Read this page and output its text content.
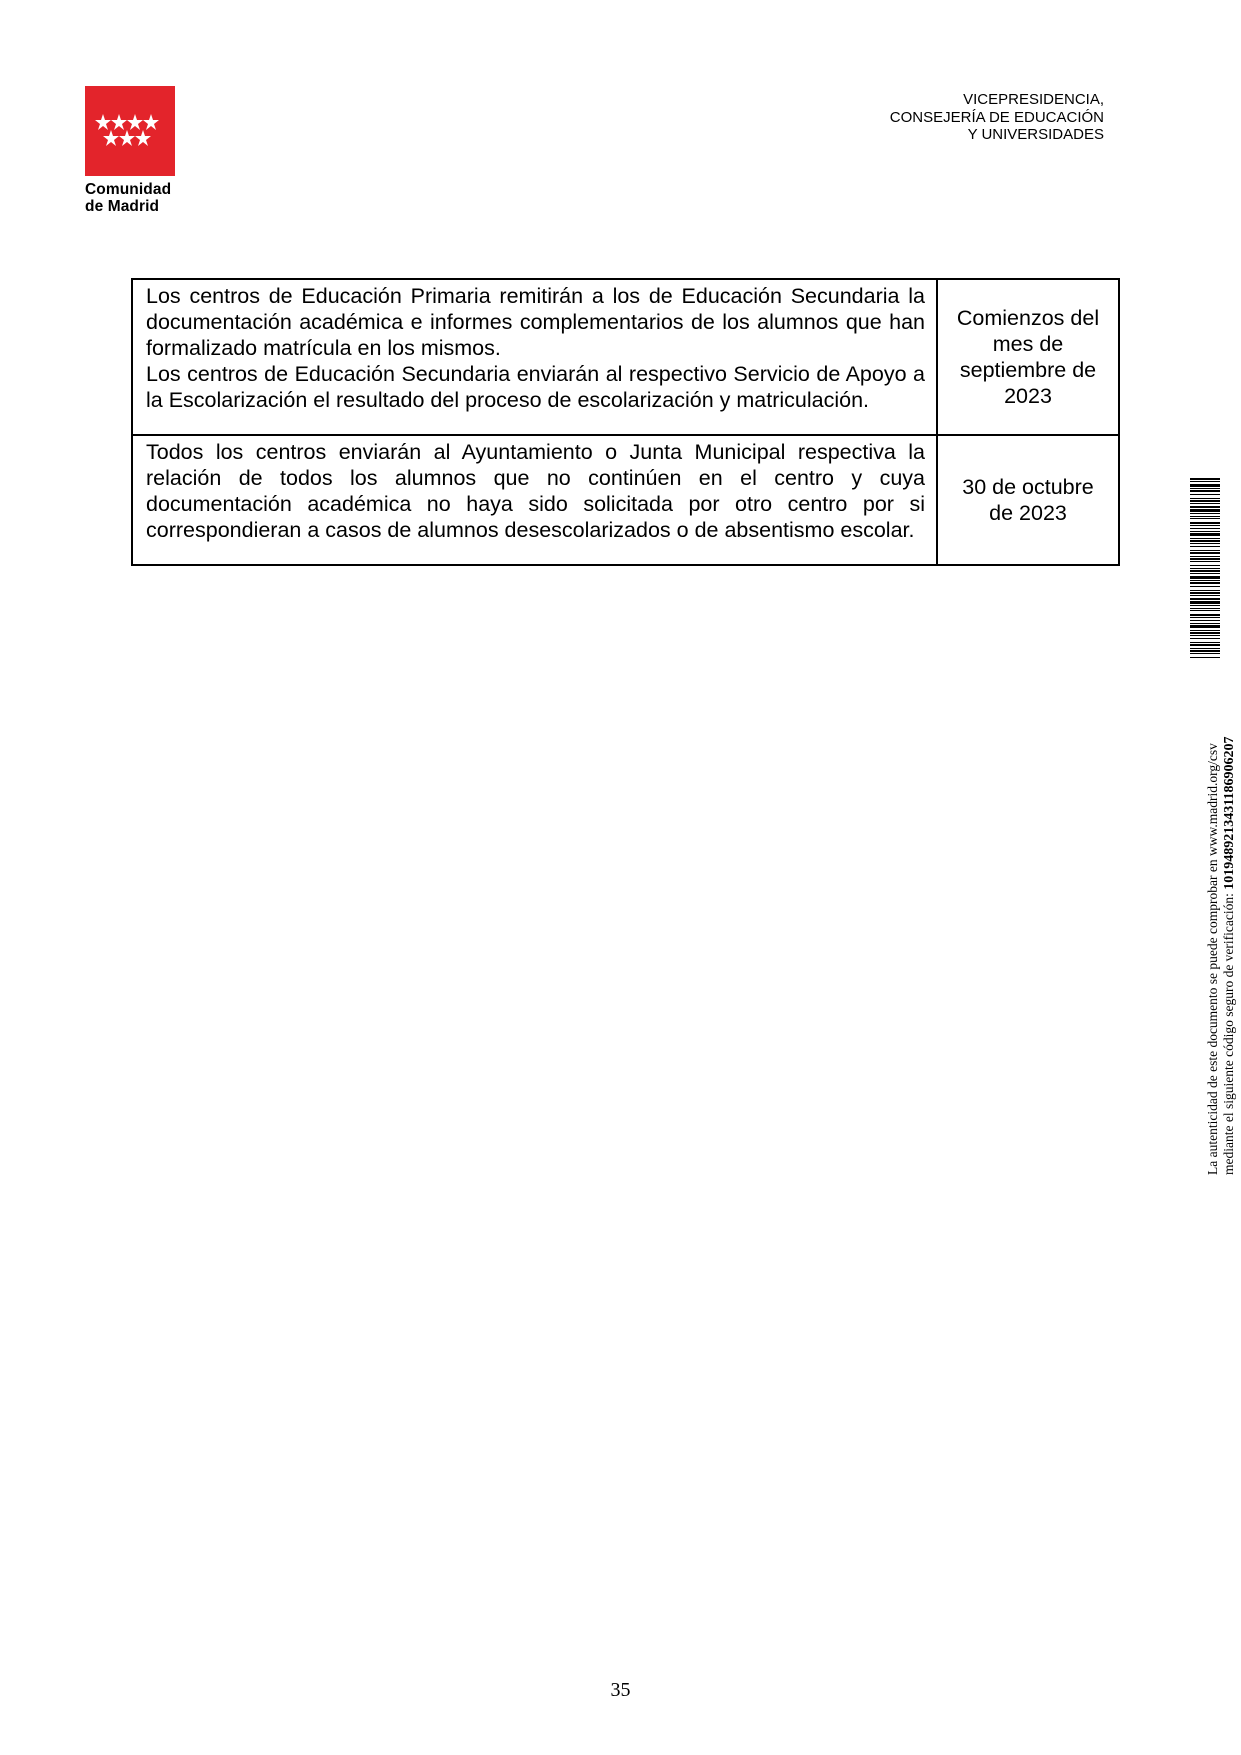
Comunidad
de Madrid
VICEPRESIDENCIA,
CONSEJERÍA DE EDUCACIÓN
Y UNIVERSIDADES
Los centros de Educación Primaria remitirán a los de Educación Secundaria la documentación académica e informes complementarios de los alumnos que han formalizado matrícula en los mismos.
Los centros de Educación Secundaria enviarán al respectivo Servicio de Apoyo a la Escolarización el resultado del proceso de escolarización y matriculación.	Comienzos del mes de septiembre de 2023

Todos los centros enviarán al Ayuntamiento o Junta Municipal respectiva la relación de todos los alumnos que no continúen en el centro y cuya documentación académica no haya sido solicitada por otro centro por si correspondieran a casos de alumnos desescolarizados o de absentismo escolar.	30 de octubre de 2023
La autenticidad de este documento se puede comprobar en www.madrid.org/csv mediante el siguiente código seguro de verificación: 1019489213431186906207
35
